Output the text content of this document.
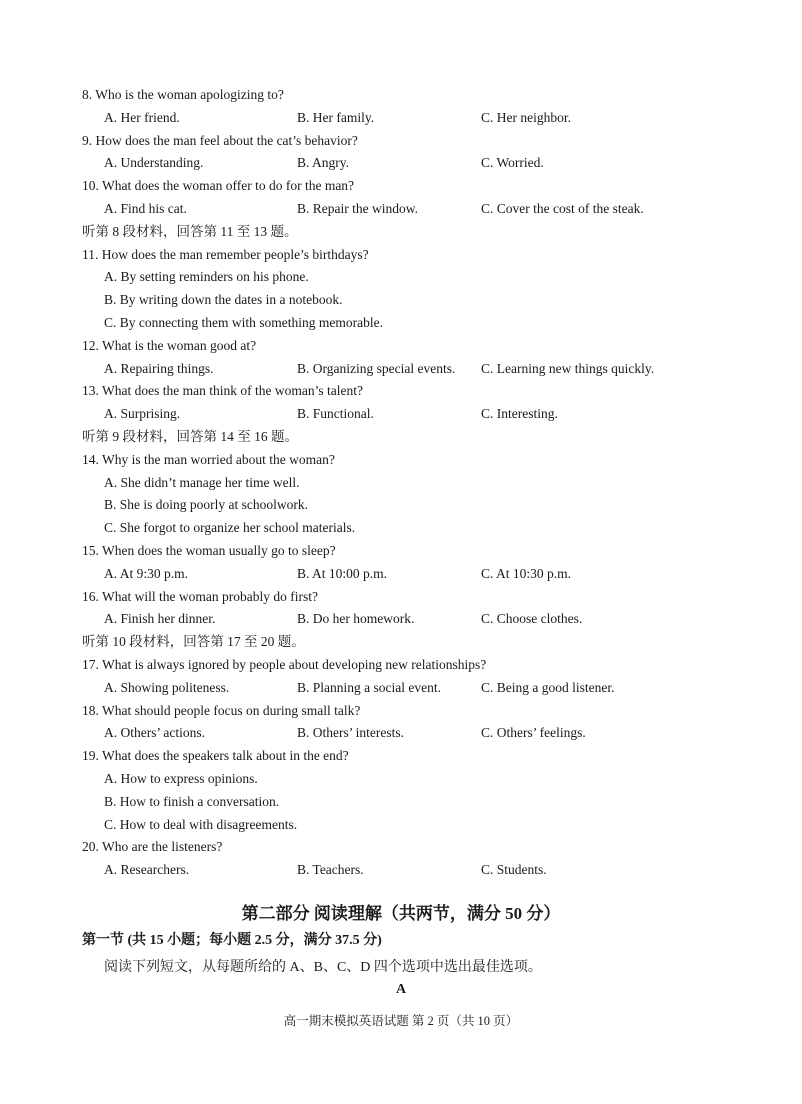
8. Who is the woman apologizing to?
A. Her friend.	B. Her family.	C. Her neighbor.
9. How does the man feel about the cat’s behavior?
A. Understanding.	B. Angry.	C. Worried.
10. What does the woman offer to do for the man?
A. Find his cat.	B. Repair the window.	C. Cover the cost of the steak.
听第 8 段材料，回答第 11 至 13 题。
11. How does the man remember people’s birthdays?
A. By setting reminders on his phone.
B. By writing down the dates in a notebook.
C. By connecting them with something memorable.
12. What is the woman good at?
A. Repairing things.	B. Organizing special events. C. Learning new things quickly.
13. What does the man think of the woman’s talent?
A. Surprising.	B. Functional.	C. Interesting.
听第 9 段材料，回答第 14 至 16 题。
14. Why is the man worried about the woman?
A. She didn’t manage her time well.
B. She is doing poorly at schoolwork.
C. She forgot to organize her school materials.
15. When does the woman usually go to sleep?
A. At 9:30 p.m.	B. At 10:00 p.m.	C. At 10:30 p.m.
16. What will the woman probably do first?
A. Finish her dinner.	B. Do her homework.	C. Choose clothes.
听第 10 段材料，回答第 17 至 20 题。
17. What is always ignored by people about developing new relationships?
A. Showing politeness.	B. Planning a social event.	C. Being a good listener.
18. What should people focus on during small talk?
A. Others’ actions.	B. Others’ interests.	C. Others’ feelings.
19. What does the speakers talk about in the end?
A. How to express opinions.
B. How to finish a conversation.
C. How to deal with disagreements.
20. Who are the listeners?
A. Researchers.	B. Teachers.	C. Students.
第二部分 阅读理解（共两节，满分 50 分）
第一节 (共 15 小题；每小题 2.5 分，满分 37.5 分)
阅读下列短文，从每题所给的 A、B、C、D 四个选项中选出最佳选项。
A
高一期末模拟英语试题 第 2 页（共 10 页）
